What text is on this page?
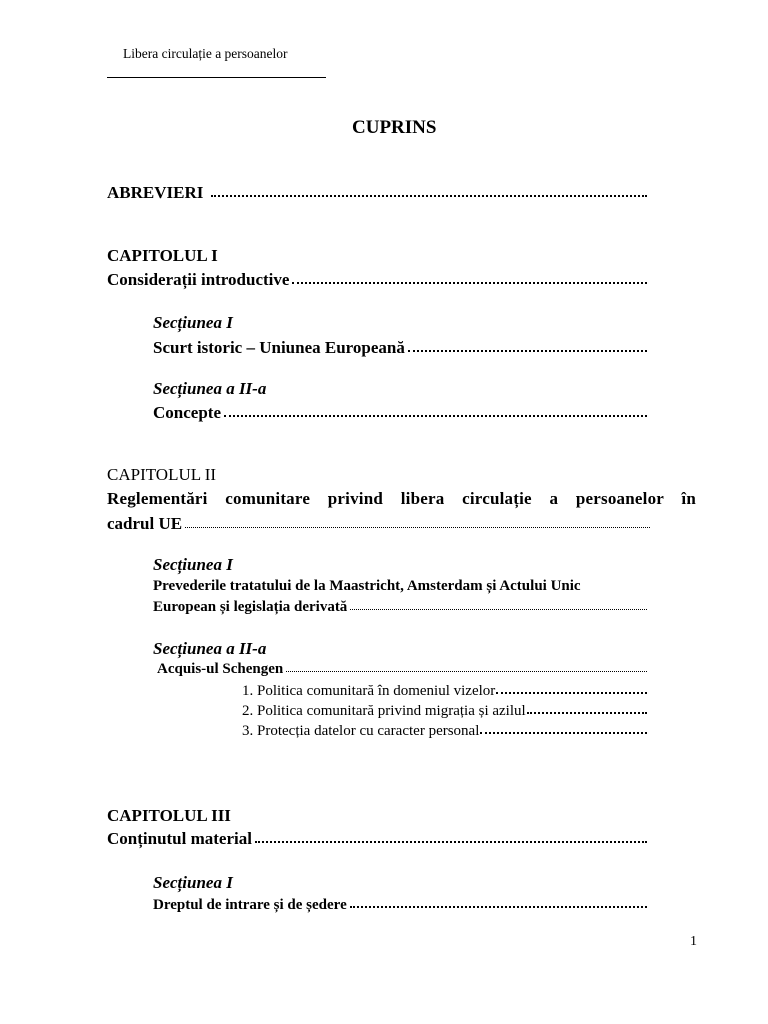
Libera circulație a persoanelor
CUPRINS
ABREVIERI
CAPITOLUL I
Considerații introductive
Secțiunea I
Scurt istoric – Uniunea Europeană
Secțiunea a II-a
Concepte
CAPITOLUL II
Reglementări comunitare privind libera circulație a persoanelor în
cadrul UE
Secțiunea I
Prevederile tratatului de la Maastricht, Amsterdam și Actului Unic
European și legislația derivată
Secțiunea a II-a
Acquis-ul Schengen
1. Politica comunitară în domeniul vizelor
2. Politica comunitară privind migrația și azilul
3. Protecția datelor cu caracter personal
CAPITOLUL III
Conținutul material
Secțiunea I
Dreptul de intrare și de ședere
1
